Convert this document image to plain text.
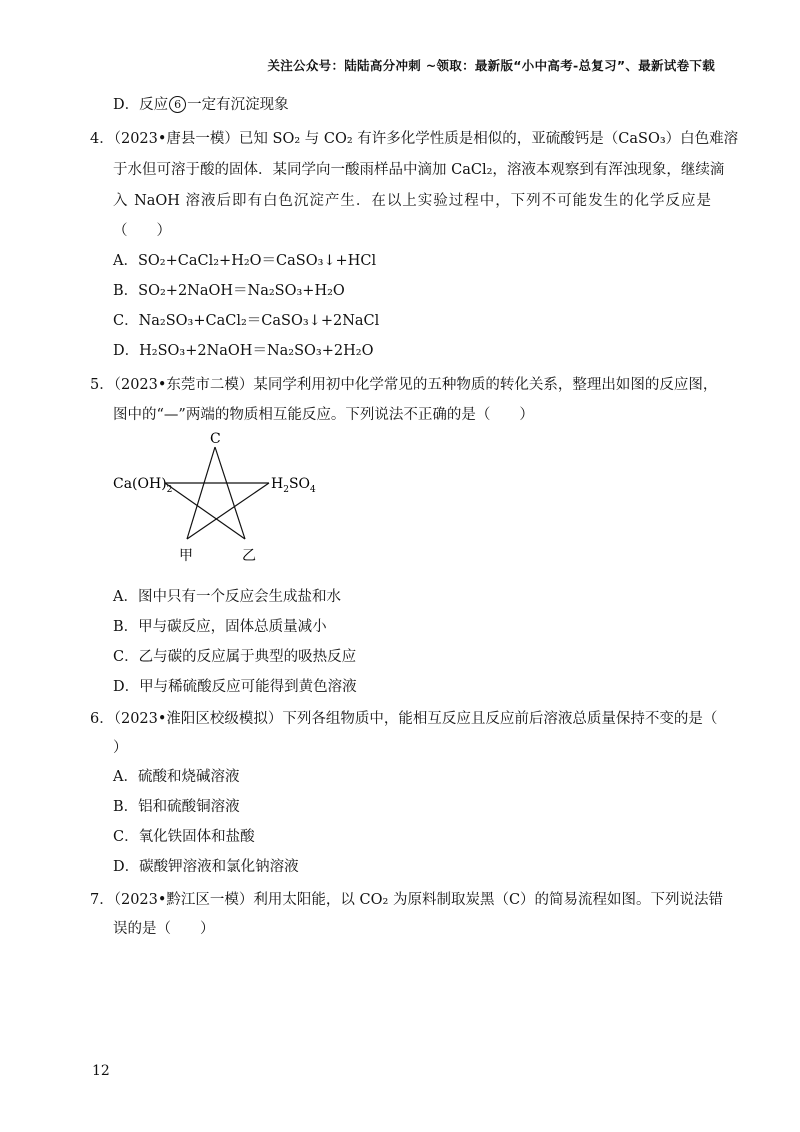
关注公众号：陆陆高分冲刺 ~领取：最新版“小中高考-总复习”、最新试卷下载
D．反应 6 一定有沉淀现象
4．（2023•唐县一模）已知 SO₂ 与 CO₂ 有许多化学性质是相似的，亚硫酸钙是（CaSO₃）白色难溶
于水但可溶于酸的固体．某同学向一酸雨样品中滴加 CaCl₂，溶液本观察到有浑浊现象，继续滴
入 NaOH 溶液后即有白色沉淀产生．在以上实验过程中，下列不可能发生的化学反应是
（　　）
A．SO₂+CaCl₂+H₂O＝CaSO₃↓+HCl
B．SO₂+2NaOH＝Na₂SO₃+H₂O
C．Na₂SO₃+CaCl₂＝CaSO₃↓+2NaCl
D．H₂SO₃+2NaOH＝Na₂SO₃+2H₂O
5．（2023•东莞市二模）某同学利用初中化学常见的五种物质的转化关系，整理出如图的反应图，
图中的“—”两端的物质相互能反应。下列说法不正确的是（　　）
C
$Ca(OH)_2$	$H_2SO_4$
甲	乙
A．图中只有一个反应会生成盐和水
B．甲与碳反应，固体总质量减小
C．乙与碳的反应属于典型的吸热反应
D．甲与稀硫酸反应可能得到黄色溶液
6．（2023•淮阳区校级模拟）下列各组物质中，能相互反应且反应前后溶液总质量保持不变的是（
）
A．硫酸和烧碱溶液
B．铝和硫酸铜溶液
C．氧化铁固体和盐酸
D．碳酸钾溶液和氯化钠溶液
7．（2023•黔江区一模）利用太阳能，以 CO₂ 为原料制取炭黑（C）的简易流程如图。下列说法错
误的是（　　）
12
